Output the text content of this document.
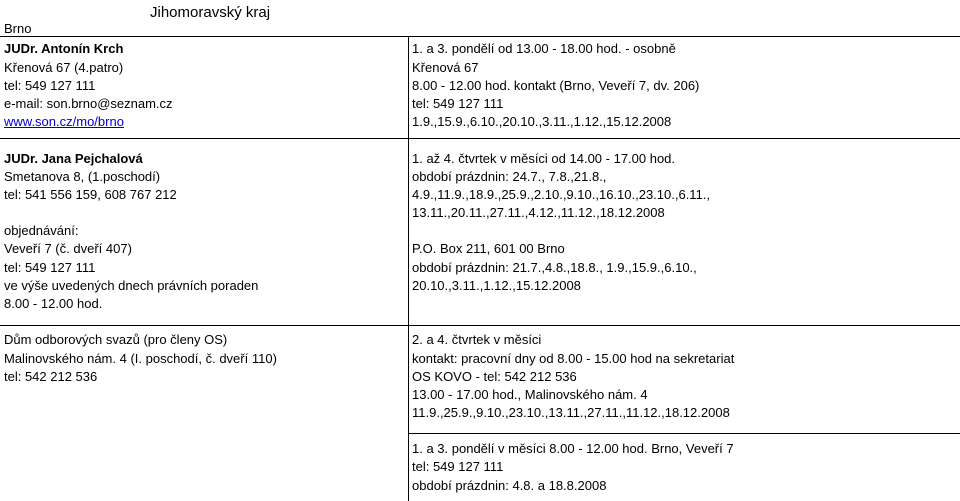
Jihomoravský kraj
Brno
JUDr. Antonín Krch
Křenová 67 (4.patro)
tel: 549 127 111
e-mail: son.brno@seznam.cz
www.son.cz/mo/brno
1. a 3. pondělí od 13.00 - 18.00 hod. - osobně
Křenová 67
8.00 - 12.00 hod. kontakt (Brno, Veveří 7, dv. 206)
tel: 549 127 111
1.9.,15.9.,6.10.,20.10.,3.11.,1.12.,15.12.2008
JUDr. Jana Pejchalová
Smetanova 8, (1.poschodí)
tel: 541 556 159, 608 767 212
1. až 4. čtvrtek v měsíci od 14.00 - 17.00 hod.
období prázdnin: 24.7., 7.8.,21.8.,
4.9.,11.9.,18.9.,25.9.,2.10.,9.10.,16.10.,23.10.,6.11.,
13.11.,20.11.,27.11.,4.12.,11.12.,18.12.2008
objednávání:
Veveří 7 (č. dveří 407)
tel: 549 127 111
ve výše uvedených dnech právních poraden
8.00 - 12.00 hod.
P.O. Box 211, 601 00 Brno
období prázdnin: 21.7.,4.8.,18.8., 1.9.,15.9.,6.10.,
20.10.,3.11.,1.12.,15.12.2008
Dům odborových svazů (pro členy OS)
Malinovského nám. 4 (I. poschodí, č. dveří 110)
tel: 542 212 536
2. a 4. čtvrtek v měsíci
kontakt: pracovní dny od 8.00 - 15.00 hod na sekretariat
OS KOVO - tel: 542 212 536
13.00 - 17.00 hod., Malinovského nám. 4
11.9.,25.9.,9.10.,23.10.,13.11.,27.11.,11.12.,18.12.2008
1. a 3. pondělí v měsíci 8.00 - 12.00 hod. Brno, Veveří 7
tel: 549 127 111
období prázdnin: 4.8. a 18.8.2008
